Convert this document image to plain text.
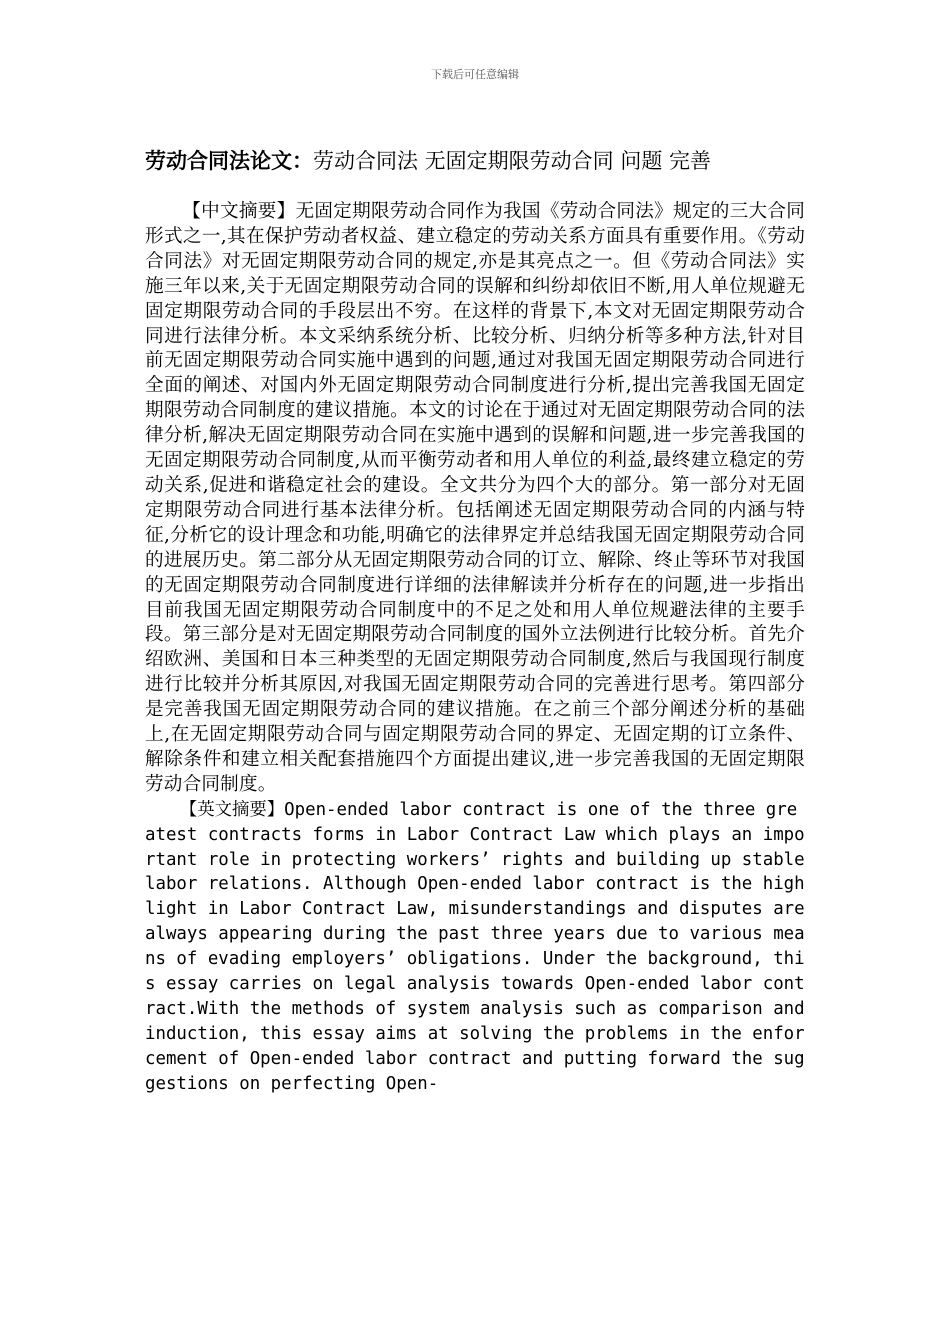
下载后可任意编辑
劳动合同法论文：劳动合同法 无固定期限劳动合同 问题 完善

【中文摘要】无固定期限劳动合同作为我国《劳动合同法》规定的三大合同形式之一,其在保护劳动者权益、建立稳定的劳动关系方面具有重要作用。《劳动合同法》对无固定期限劳动合同的规定,亦是其亮点之一。但《劳动合同法》实施三年以来,关于无固定期限劳动合同的误解和纠纷却依旧不断,用人单位规避无固定期限劳动合同的手段层出不穷。在这样的背景下,本文对无固定期限劳动合同进行法律分析。本文采纳系统分析、比较分析、归纳分析等多种方法,针对目前无固定期限劳动合同实施中遇到的问题,通过对我国无固定期限劳动合同进行全面的阐述、对国内外无固定期限劳动合同制度进行分析,提出完善我国无固定期限劳动合同制度的建议措施。本文的讨论在于通过对无固定期限劳动合同的法律分析,解决无固定期限劳动合同在实施中遇到的误解和问题,进一步完善我国的无固定期限劳动合同制度,从而平衡劳动者和用人单位的利益,最终建立稳定的劳动关系,促进和谐稳定社会的建设。全文共分为四个大的部分。第一部分对无固定期限劳动合同进行基本法律分析。包括阐述无固定期限劳动合同的内涵与特征,分析它的设计理念和功能,明确它的法律界定并总结我国无固定期限劳动合同的进展历史。第二部分从无固定期限劳动合同的订立、解除、终止等环节对我国的无固定期限劳动合同制度进行详细的法律解读并分析存在的问题,进一步指出目前我国无固定期限劳动合同制度中的不足之处和用人单位规避法律的主要手段。第三部分是对无固定期限劳动合同制度的国外立法例进行比较分析。首先介绍欧洲、美国和日本三种类型的无固定期限劳动合同制度,然后与我国现行制度进行比较并分析其原因,对我国无固定期限劳动合同的完善进行思考。第四部分是完善我国无固定期限劳动合同的建议措施。在之前三个部分阐述分析的基础上,在无固定期限劳动合同与固定期限劳动合同的界定、无固定期的订立条件、解除条件和建立相关配套措施四个方面提出建议,进一步完善我国的无固定期限劳动合同制度。

【英文摘要】Open-ended labor contract is one of the three greatest contracts forms in Labor Contract Law which plays an important role in protecting workers’ rights and building up stable labor relations. Although Open-ended labor contract is the highlight in Labor Contract Law, misunderstandings and disputes are always appearing during the past three years due to various means of evading employers’ obligations. Under the background, this essay carries on legal analysis towards Open-ended labor contract.With the methods of system analysis such as comparison and induction, this essay aims at solving the problems in the enforcement of Open-ended labor contract and putting forward the suggestions on perfecting Open-
